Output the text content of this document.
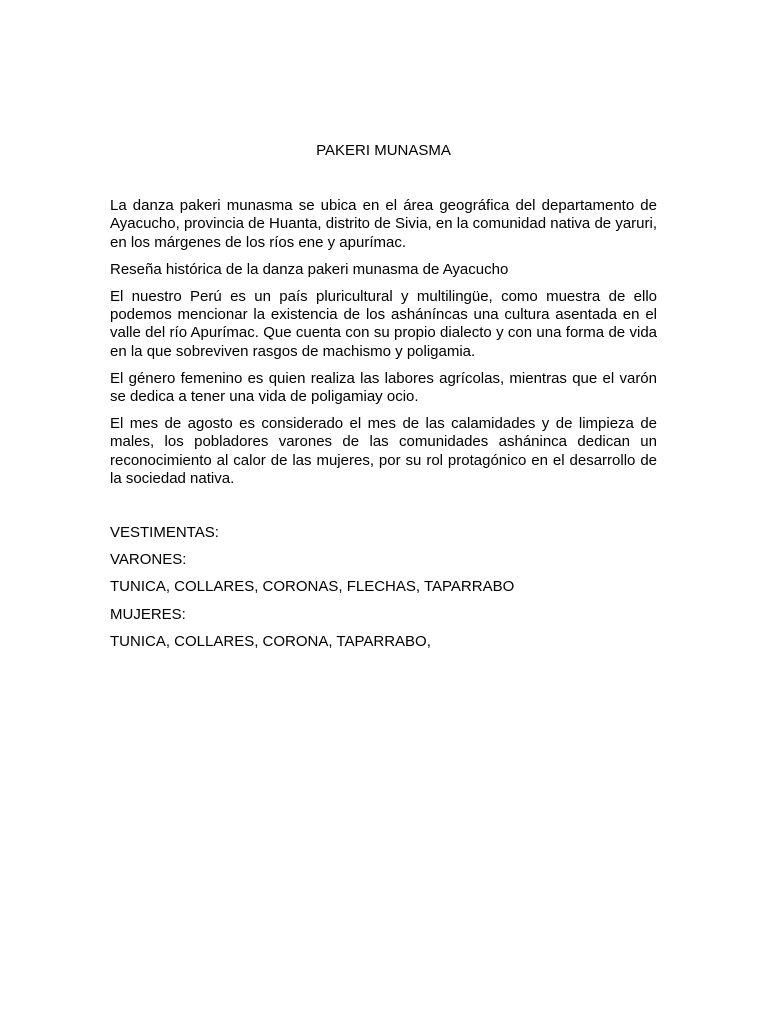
PAKERI MUNASMA

La danza pakeri munasma se ubica en el área geográfica del departamento de Ayacucho, provincia de Huanta, distrito de Sivia, en la comunidad nativa de yaruri, en los márgenes de los ríos ene y apurímac.

Reseña histórica de la danza pakeri munasma de Ayacucho

El nuestro Perú es un país pluricultural y multilingüe, como muestra de ello podemos mencionar la existencia de los asháníncas una cultura asentada en el valle del río Apurímac. Que cuenta con su propio dialecto y con una forma de vida en la que sobreviven rasgos de machismo y poligamia.

El género femenino es quien realiza las labores agrícolas, mientras que el varón se dedica a tener una vida de poligamiay ocio.

El mes de agosto es considerado el mes de las calamidades y de limpieza de males, los pobladores varones de las comunidades asháninca dedican un reconocimiento al calor de las mujeres, por su rol protagónico en el desarrollo de la sociedad nativa.

VESTIMENTAS:

VARONES:

TUNICA, COLLARES, CORONAS, FLECHAS, TAPARRABO

MUJERES:

TUNICA, COLLARES, CORONA, TAPARRABO,
